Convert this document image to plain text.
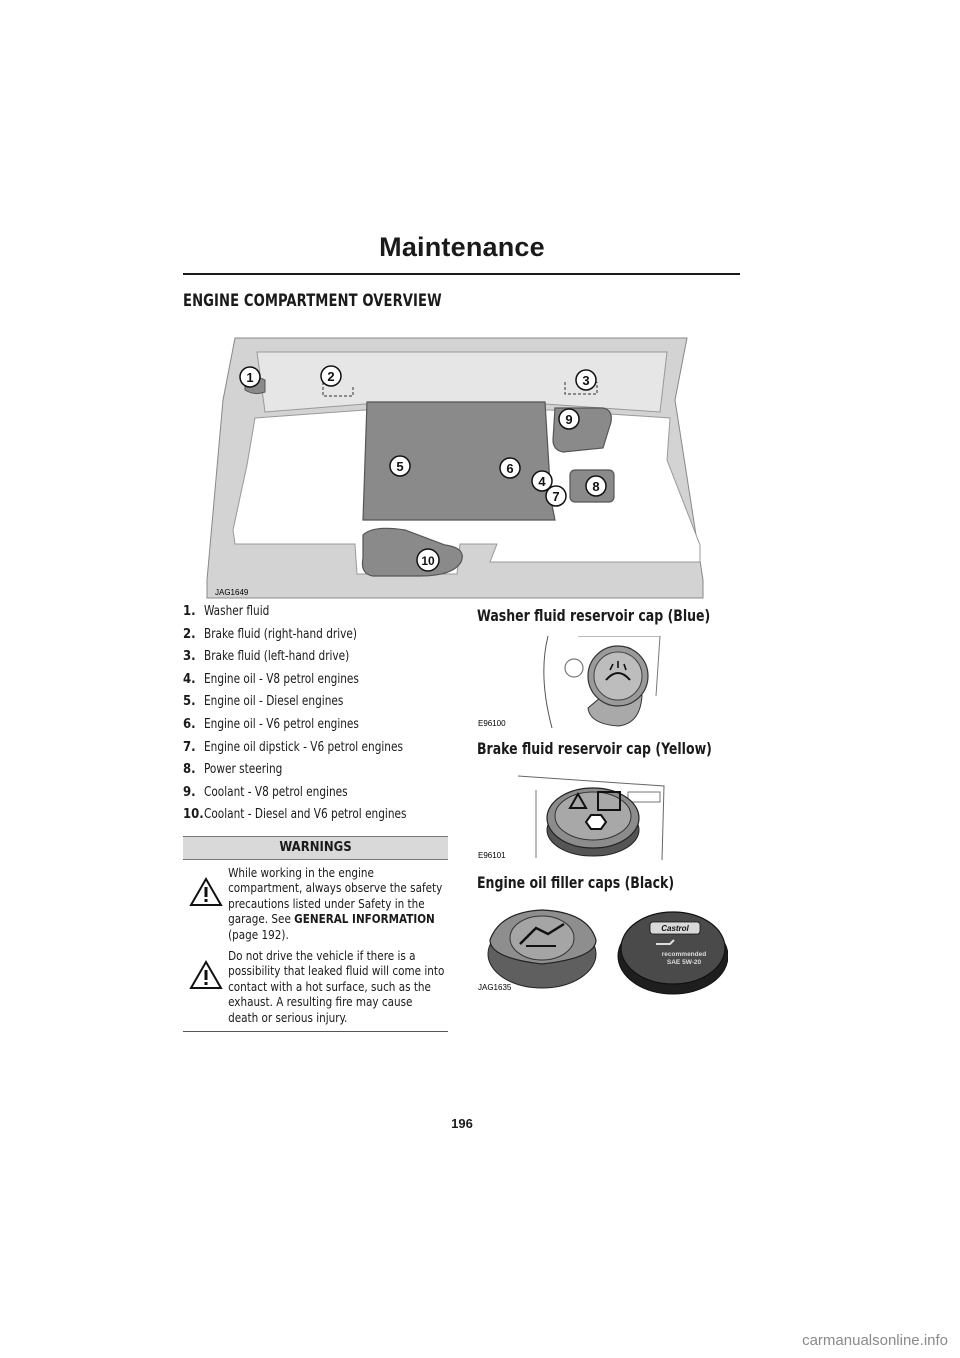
Maintenance
ENGINE COMPARTMENT OVERVIEW
1	2	3
9
5	6
4
7
8
10
JAG1649
1. Washer fluid
2. Brake fluid (right-hand drive)
3. Brake fluid (left-hand drive)
4. Engine oil - V8 petrol engines
5. Engine oil - Diesel engines
6. Engine oil - V6 petrol engines
7. Engine oil dipstick - V6 petrol engines
8. Power steering
9. Coolant - V8 petrol engines
10.Coolant - Diesel and V6 petrol engines
WARNINGS

While working in the engine compartment, always observe the safety precautions listed under Safety in the garage. See GENERAL INFORMATION (page 192).

Do not drive the vehicle if there is a possibility that leaked fluid will come into contact with a hot surface, such as the exhaust. A resulting fire may cause death or serious injury.

Washer fluid reservoir cap (Blue)
E96100
Brake fluid reservoir cap (Yellow)
E96101
Engine oil filler caps (Black)
JAG1635
Castrol
recommended
SAE 5W-20
196
carmanualsonline.info
